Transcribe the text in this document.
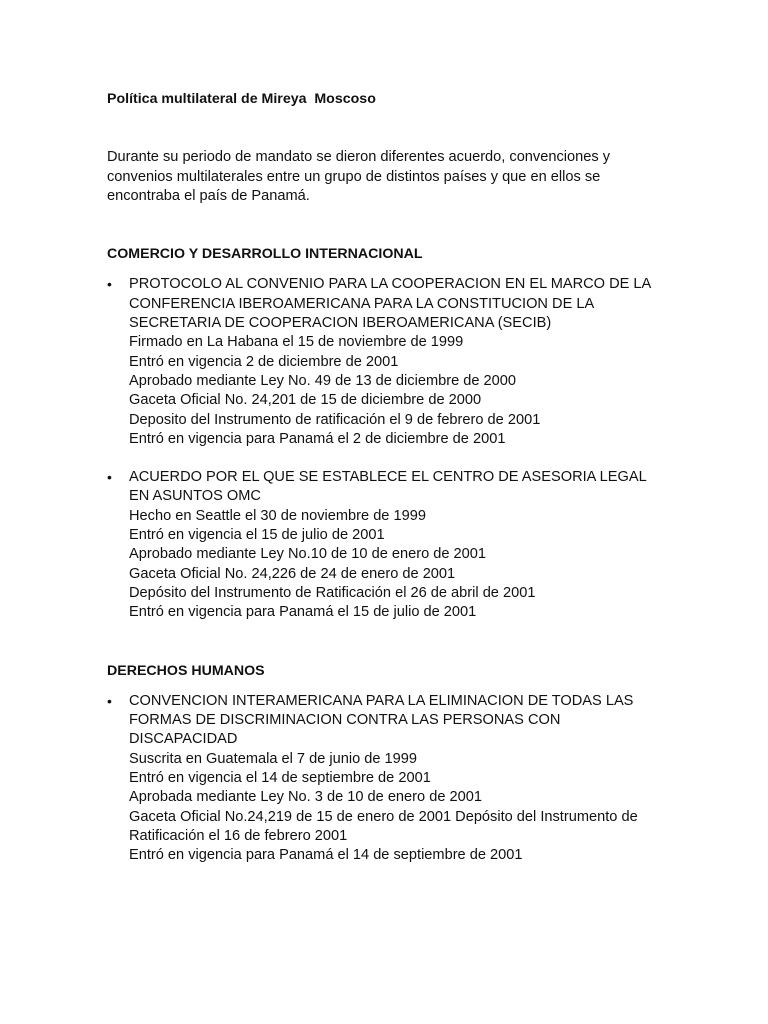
Política multilateral de Mireya  Moscoso

Durante su periodo de mandato se dieron diferentes acuerdo, convenciones y convenios multilaterales entre un grupo de distintos países y que en ellos se encontraba el país de Panamá.

COMERCIO Y DESARROLLO INTERNACIONAL
• PROTOCOLO AL CONVENIO PARA LA COOPERACION EN EL MARCO DE LA CONFERENCIA IBEROAMERICANA PARA LA CONSTITUCION DE LA SECRETARIA DE COOPERACION IBEROAMERICANA (SECIB)
Firmado en La Habana el 15 de noviembre de 1999
Entró en vigencia 2 de diciembre de 2001
Aprobado mediante Ley No. 49 de 13 de diciembre de 2000
Gaceta Oficial No. 24,201 de 15 de diciembre de 2000
Deposito del Instrumento de ratificación el 9 de febrero de 2001
Entró en vigencia para Panamá el 2 de diciembre de 2001
• ACUERDO POR EL QUE SE ESTABLECE EL CENTRO DE ASESORIA LEGAL EN ASUNTOS OMC
Hecho en Seattle el 30 de noviembre de 1999
Entró en vigencia el 15 de julio de 2001
Aprobado mediante Ley No.10 de 10 de enero de 2001
Gaceta Oficial No. 24,226 de 24 de enero de 2001
Depósito del Instrumento de Ratificación el 26 de abril de 2001
Entró en vigencia para Panamá el 15 de julio de 2001
DERECHOS HUMANOS
• CONVENCION INTERAMERICANA PARA LA ELIMINACION DE TODAS LAS FORMAS DE DISCRIMINACION CONTRA LAS PERSONAS CON DISCAPACIDAD
Suscrita en Guatemala el 7 de junio de 1999
Entró en vigencia el 14 de septiembre de 2001
Aprobada mediante Ley No. 3 de 10 de enero de 2001
Gaceta Oficial No.24,219 de 15 de enero de 2001 Depósito del Instrumento de Ratificación el 16 de febrero 2001
Entró en vigencia para Panamá el 14 de septiembre de 2001
